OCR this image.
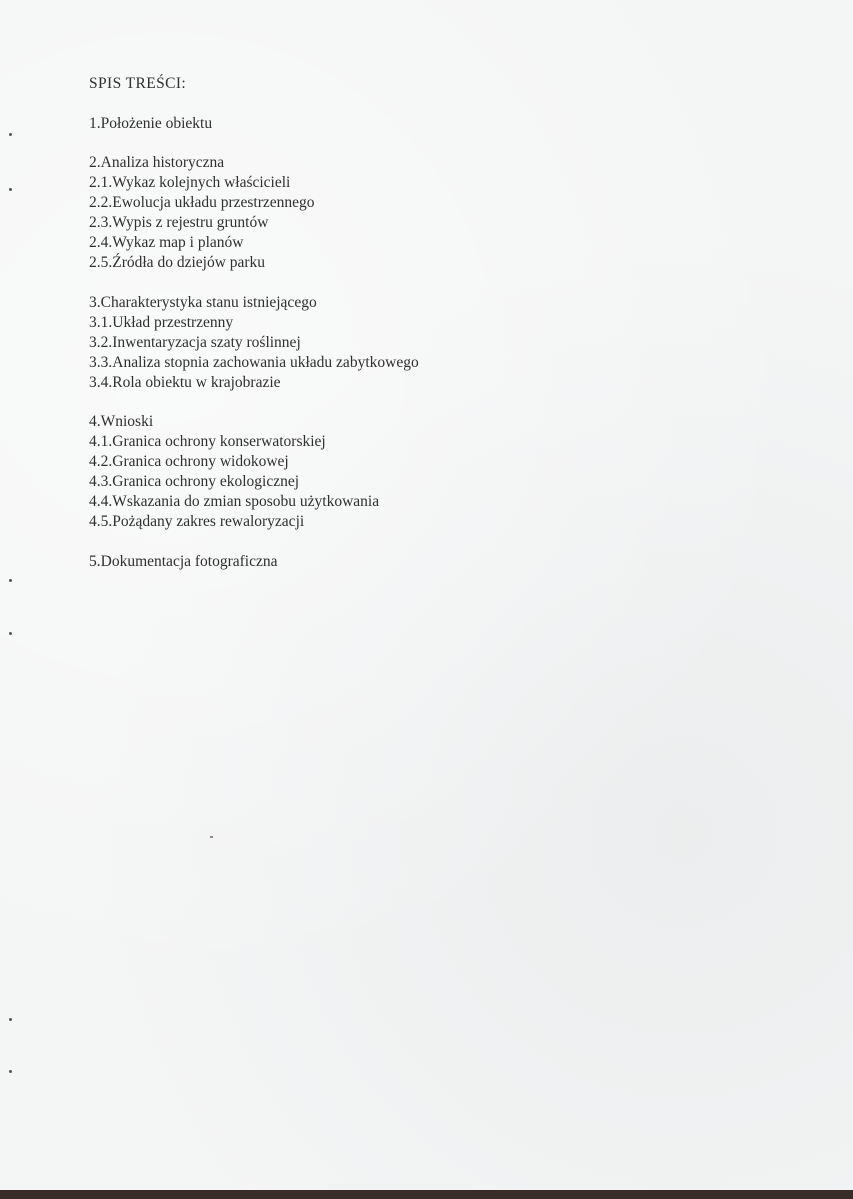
SPIS TREŚCI:
1.Położenie obiektu
2.Analiza historyczna
2.1.Wykaz kolejnych właścicieli
2.2.Ewolucja układu przestrzennego
2.3.Wypis z rejestru gruntów
2.4.Wykaz map i planów
2.5.Źródła do dziejów parku
3.Charakterystyka stanu istniejącego
3.1.Układ przestrzenny
3.2.Inwentaryzacja szaty roślinnej
3.3.Analiza stopnia zachowania układu zabytkowego
3.4.Rola obiektu w krajobrazie
4.Wnioski
4.1.Granica ochrony konserwatorskiej
4.2.Granica ochrony widokowej
4.3.Granica ochrony ekologicznej
4.4.Wskazania do zmian sposobu użytkowania
4.5.Pożądany zakres rewaloryzacji
5.Dokumentacja fotograficzna
